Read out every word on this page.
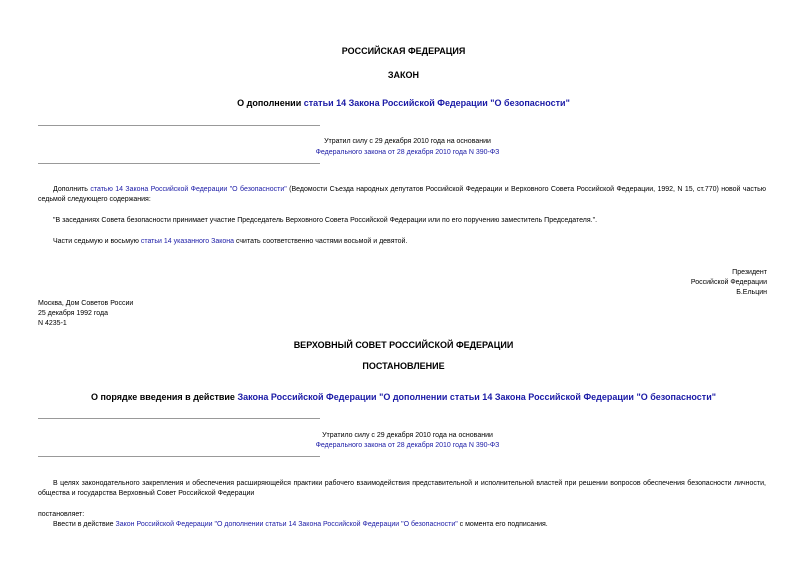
РОССИЙСКАЯ ФЕДЕРАЦИЯ
ЗАКОН
О дополнении статьи 14 Закона Российской Федерации "О безопасности"
Утратил силу с 29 декабря 2010 года на основании
Федерального закона от 28 декабря 2010 года N 390-ФЗ
Дополнить статью 14 Закона Российской Федерации "О безопасности" (Ведомости Съезда народных депутатов Российской Федерации и Верховного Совета Российской Федерации, 1992, N 15, ст.770) новой частью седьмой следующего содержания:
"В заседаниях Совета безопасности принимает участие Председатель Верховного Совета Российской Федерации или по его поручению заместитель Председателя.".
Части седьмую и восьмую статьи 14 указанного Закона считать соответственно частями восьмой и девятой.
Президент
Российской Федерации
Б.Ельцин
Москва, Дом Советов России
25 декабря 1992 года
N 4235-1
ВЕРХОВНЫЙ СОВЕТ РОССИЙСКОЙ ФЕДЕРАЦИИ
ПОСТАНОВЛЕНИЕ
О порядке введения в действие Закона Российской Федерации "О дополнении статьи 14 Закона Российской Федерации "О безопасности"
Утратило силу с 29 декабря 2010 года на основании
Федерального закона от 28 декабря 2010 года N 390-ФЗ
В целях законодательного закрепления и обеспечения расширяющейся практики рабочего взаимодействия представительной и исполнительной властей при решении вопросов обеспечения безопасности личности, общества и государства Верховный Совет Российской Федерации
постановляет:
Ввести в действие Закон Российской Федерации "О дополнении статьи 14 Закона Российской Федерации "О безопасности" с момента его подписания.
